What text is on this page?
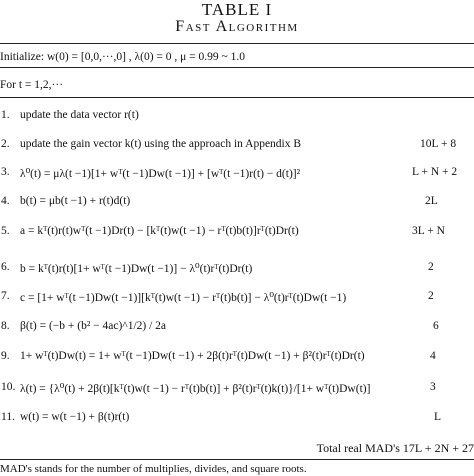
TABLE I
Fast Algorithm
Initialize: w(0) = [0,0,···,0] , λ(0) = 0 , μ = 0.99 ~ 1.0
For t = 1,2,···
1. update the data vector r(t)
2. update the gain vector k(t) using the approach in Appendix B	10L + 8
3. λ⁰(t) = μλ(t −1)[1+ wᵀ(t −1)Dw(t −1)] + [wᵀ(t −1)r(t) − d(t)]²	L + N + 2
4. b(t) = μb(t −1) + r(t)d(t)	2L
5. a = kᵀ(t)r(t)wᵀ(t −1)Dr(t) − [kᵀ(t)w(t −1) − rᵀ(t)b(t)]rᵀ(t)Dr(t)	3L + N
6. b = kᵀ(t)r(t)[1+ wᵀ(t −1)Dw(t −1)] − λ⁰(t)rᵀ(t)Dr(t)	2
7. c = [1+ wᵀ(t −1)Dw(t −1)][kᵀ(t)w(t −1) − rᵀ(t)b(t)] − λ⁰(t)rᵀ(t)Dw(t −1)	2
8. β(t) = (−b + (b² − 4ac)^1/2) / 2a	6
9. 1+ wᵀ(t)Dw(t) = 1+ wᵀ(t −1)Dw(t −1) + 2β(t)rᵀ(t)Dw(t −1) + β²(t)rᵀ(t)Dr(t)	4
10. λ(t) = {λ⁰(t) + 2β(t)[kᵀ(t)w(t −1) − rᵀ(t)b(t)] + β²(t)rᵀ(t)k(t)}/[1+ wᵀ(t)Dw(t)]	3
11. w(t) = w(t −1) + β(t)r(t)	L
Total real MAD's 17L + 2N + 27
MAD's stands for the number of multiplies, divides, and square roots.
